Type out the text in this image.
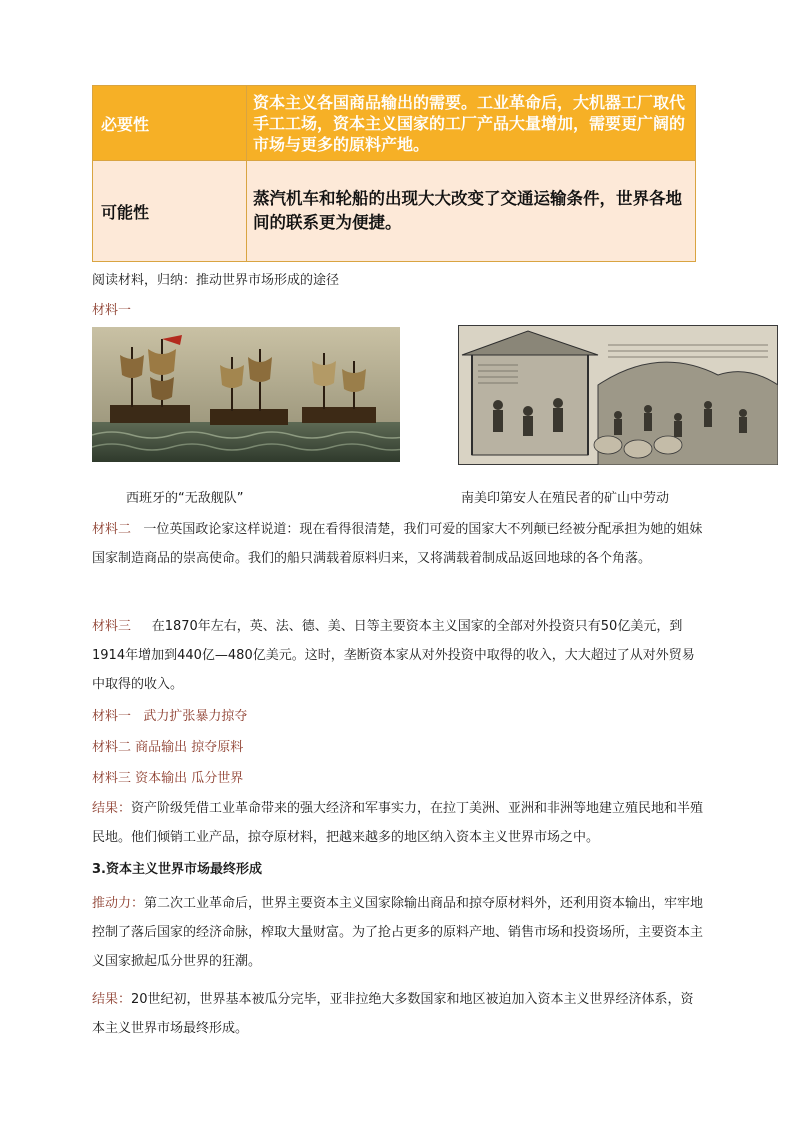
必要性	资本主义各国商品输出的需要。工业革命后，大机器工厂取代手工工场，资本主义国家的工厂产品大量增加，需要更广阔的市场与更多的原料产地。
可能性	蒸汽机车和轮船的出现大大改变了交通运输条件，世界各地间的联系更为便捷。
阅读材料，归纳：推动世界市场形成的途径
材料一
西班牙的“无敌舰队”	南美印第安人在殖民者的矿山中劳动
材料二 一位英国政论家这样说道：现在看得很清楚，我们可爱的国家大不列颠已经被分配承担为她的姐妹国家制造商品的崇高使命。我们的船只满载着原料归来，又将满载着制成品返回地球的各个角落。
材料三 在1870年左右，英、法、德、美、日等主要资本主义国家的全部对外投资只有50亿美元，到1914年增加到440亿—480亿美元。这时，垄断资本家从对外投资中取得的收入，大大超过了从对外贸易中取得的收入。
材料一 武力扩张暴力掠夺
材料二 商品输出 掠夺原料
材料三 资本输出 瓜分世界
结果：资产阶级凭借工业革命带来的强大经济和军事实力，在拉丁美洲、亚洲和非洲等地建立殖民地和半殖民地。他们倾销工业产品，掠夺原材料，把越来越多的地区纳入资本主义世界市场之中。
3.资本主义世界市场最终形成
推动力：第二次工业革命后，世界主要资本主义国家除输出商品和掠夺原材料外，还利用资本输出，牢牢地控制了落后国家的经济命脉，榨取大量财富。为了抢占更多的原料产地、销售市场和投资场所，主要资本主义国家掀起瓜分世界的狂潮。
结果：20世纪初，世界基本被瓜分完毕，亚非拉绝大多数国家和地区被迫加入资本主义世界经济体系，资本主义世界市场最终形成。
